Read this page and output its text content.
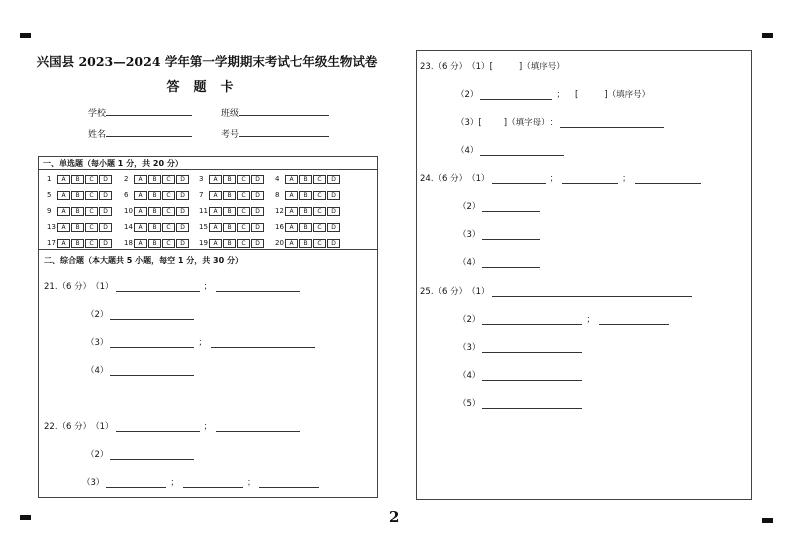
兴国县 2023—2024 学年第一学期期末考试七年级生物试卷
答题卡
学校	班级
姓名	考号
一、单选题（每小题 1 分，共 20 分）
1	A	B	C	D	2	A	B	C	D	3	A	B	C	D	4	A	B	C	D
5	A	B	C	D	6	A	B	C	D	7	A	B	C	D	8	A	B	C	D
9	A	B	C	D	10 A	B	C	D	11 A	B	C	D	12 A	B	C	D
13 A	B	C	D	14 A	B	C	D	15 A	B	C	D	16 A	B	C	D
17 A	B	C	D	18 A	B	C	D	19 A	B	C	D	20 A	B	C	D
二、综合题（本大题共 5 小题，每空 1 分，共 30 分）
21.（6 分） （1）	；
（2）
（3）	；
（4）
22.（6 分） （1）	；
（2）
（3）	；	；
23.（6 分） （1） [	] （填序号）
（2）	； [	] （填序号）
（3） [	] （填字母） ：
（4）
24.（6 分） （1）	；	；
（2）
（3）
（4）
25.（6 分） （1）
（2）	；
（3）
（4）
（5）
2
